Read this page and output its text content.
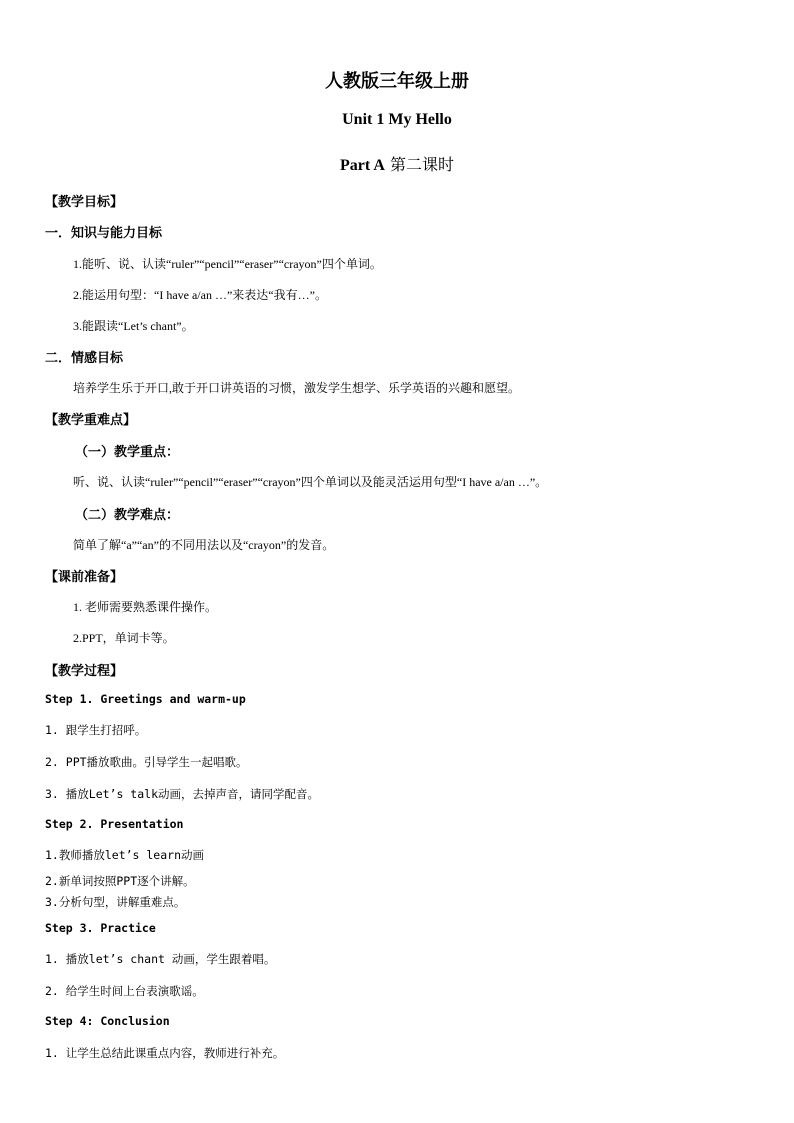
人教版三年级上册
Unit 1 My Hello
Part A 第二课时
【教学目标】
一．知识与能力目标
1.能听、说、认读“ruler”“pencil”“eraser”“crayon”四个单词。
2.能运用句型：“I have a/an …”来表达“我有…”。
3.能跟读“Let’s chant”。
二．情感目标
培养学生乐于开口,敢于开口讲英语的习惯，激发学生想学、乐学英语的兴趣和愿望。
【教学重难点】
（一）教学重点：
听、说、认读“ruler”“pencil”“eraser”“crayon”四个单词以及能灵活运用句型“I have a/an …”。
（二）教学难点：
简单了解“a”“an”的不同用法以及“crayon”的发音。
【课前准备】
1. 老师需要熟悉课件操作。
2.PPT，单词卡等。
【教学过程】
Step 1. Greetings and warm-up
1. 跟学生打招呼。
2. PPT播放歌曲。引导学生一起唱歌。
3. 播放Let’s talk动画，去掉声音，请同学配音。
Step 2. Presentation
1.教师播放let’s learn动画
2.新单词按照PPT逐个讲解。
3.分析句型，讲解重难点。
Step 3. Practice
1. 播放let’s chant 动画，学生跟着唱。
2. 给学生时间上台表演歌谣。
Step 4: Conclusion
1. 让学生总结此课重点内容，教师进行补充。
